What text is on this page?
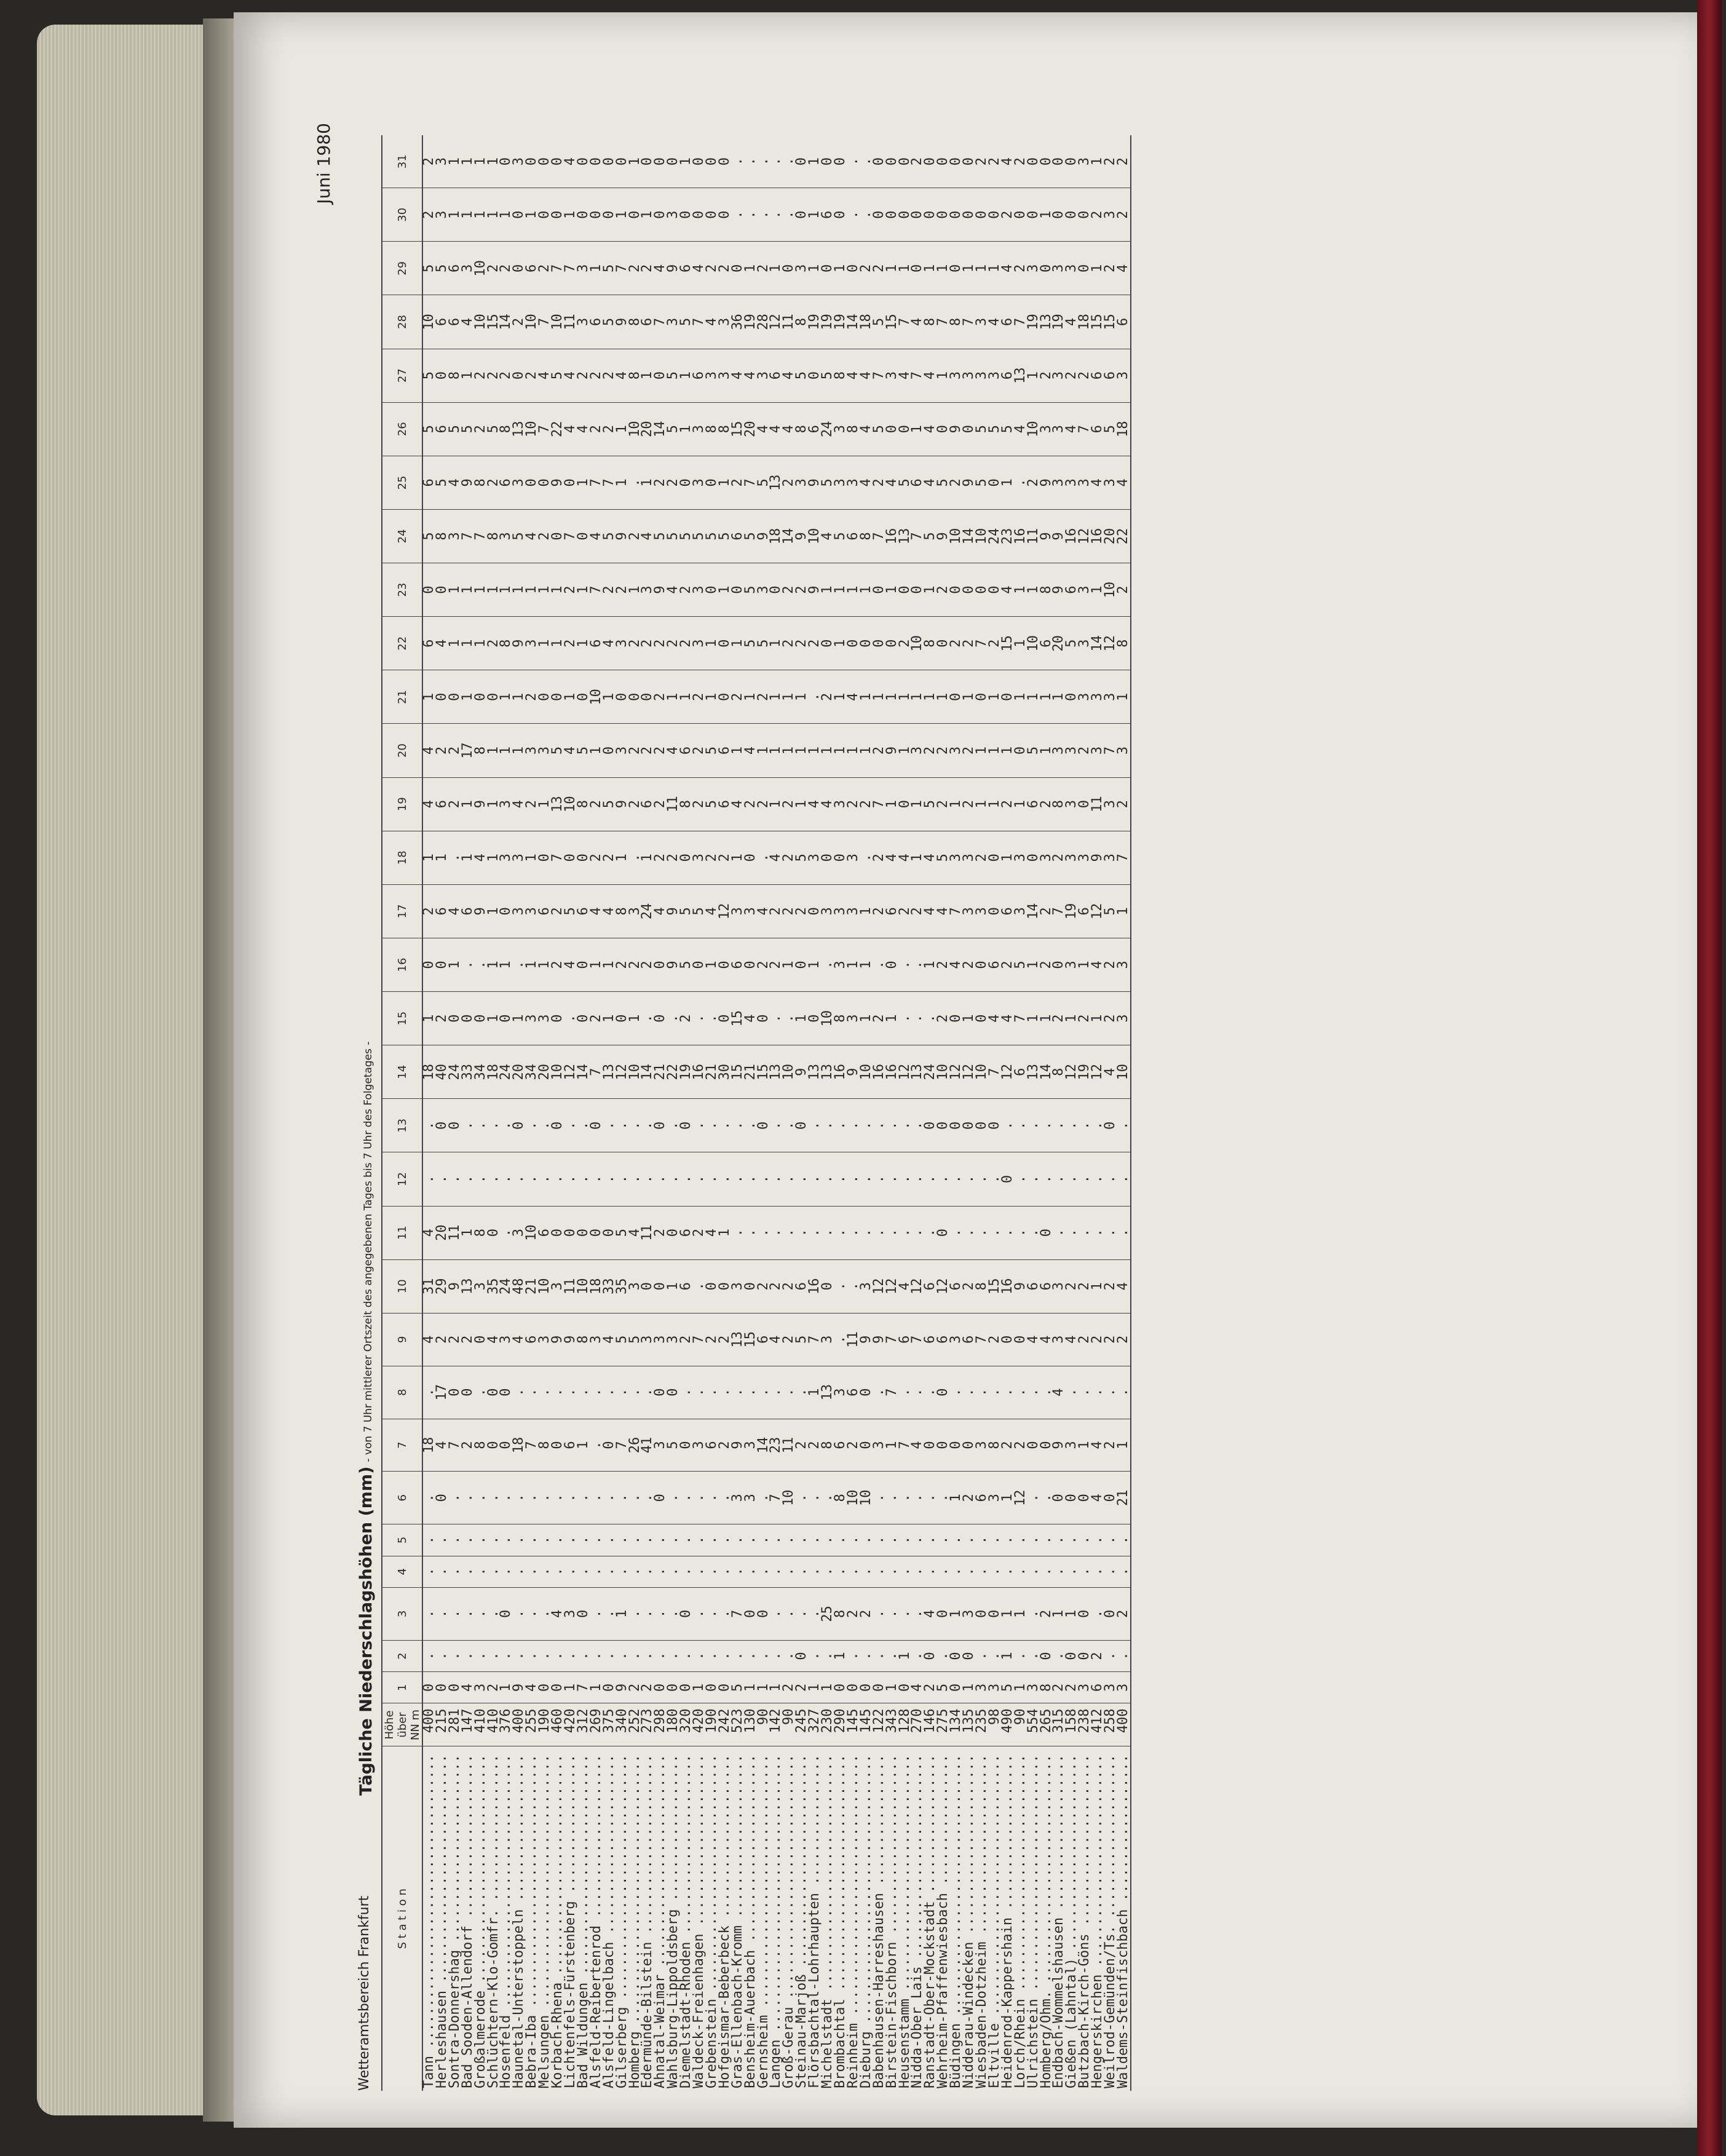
Wetteramtsbereich Frankfurt
Tägliche Niederschlagshöhen (mm) - von 7 Uhr mittlerer Ortszeit des angegebenen Tages bis 7 Uhr des Folgetages -
Juni 1980
S t a t i o n	Höhe über NN m	1	2	3	4	5	6	7	8	9	10	11	12	13	14	15	16	17	18	19	20	21	22	23	24	25	26	27	28	29	30	31
Tann ....................................	400	0	.	.	.	.	.	18	.	4	31	4	.	.	18	1	0	2	1	4	4	1	6	0	5	6	5	5	10	5	2	2
Herleshausen ............................	215	0	.	.	.	.	0	4	17	2	29	20	.	0	40	2	0	6	1	6	2	0	4	0	8	5	6	0	6	5	3	3
Sontra-Donnershag .......................	281	0	.	.	.	.	.	7	0	2	9	11	.	0	24	0	1	4	.	2	2	0	1	1	3	4	5	8	6	6	1	1
Bad Sooden-Allendorf ....................	147	4	.	.	.	.	.	2	0	2	13	1	.	.	33	0	.	6	1	1	17	1	1	1	7	9	5	1	4	3	1	1
Großalmerode ............................	410	3	.	.	.	.	.	8	.	0	3	8	.	.	34	0	.	9	4	9	8	0	1	1	7	8	2	2	10	10	1	1
Schlüchtern-Klo-Gomfr. ..................	410	2	.	.	.	.	.	0	0	4	35	0	.	.	18	1	1	1	1	1	1	0	2	1	8	2	5	2	15	2	1	1
Hosenfeld ...............................	376	1	.	0	.	.	.	0	0	3	24	.	.	.	24	0	1	0	3	3	1	1	8	1	3	6	8	2	14	2	1	0
Haunetal-Unterstoppeln ..................	400	9	.	.	.	.	.	18	.	4	48	3	.	0	20	1	.	3	3	4	1	1	9	1	5	3	13	0	2	0	0	3
Bebra-Iba ...............................	255	4	.	.	.	.	.	7	.	6	21	10	.	.	34	3	1	3	1	2	3	2	3	1	4	0	10	2	10	6	1	0
Melsungen ...............................	190	0	.	.	.	.	.	8	.	3	10	6	.	.	20	3	1	6	0	1	3	0	1	1	2	0	7	4	7	2	0	0
Korbach-Rhena ...........................	460	0	.	4	.	.	.	0	.	9	3	0	.	0	10	0	2	2	7	13	5	0	1	1	0	9	22	5	10	7	0	0
Lichtenfels-Fürstenberg .................	420	1	.	3	.	.	.	6	.	9	11	0	.	.	12	.	4	5	0	10	4	1	2	2	7	0	4	4	11	7	1	4
Bad Wildungen ...........................	312	7	.	0	.	.	.	1	.	8	10	0	.	.	14	0	0	6	0	8	5	0	1	1	0	1	4	2	3	3	0	0
Alsfeld-Reibertenrod ....................	269	1	.	.	.	.	.	.	.	3	18	0	.	0	7	2	1	4	2	2	1	10	6	7	4	7	2	2	6	1	0	0
Alsfeld-Lingelbach ......................	375	0	.	.	.	.	.	0	.	4	33	0	.	.	13	1	1	4	2	5	0	1	4	2	5	7	2	2	5	5	0	0
Gilserberg ..............................	340	9	.	1	.	.	.	7	.	5	35	5	.	.	12	0	2	8	1	9	3	0	3	2	9	1	1	4	9	7	1	0
Homberg .................................	252	2	.	.	.	.	.	26	.	5	3	4	.	.	10	1	2	3	.	2	2	0	2	1	2	.	10	8	8	2	0	1
Edermünde-Bilstein ......................	273	2	.	.	.	.	.	41	.	3	0	11	.	.	14	.	2	24	1	6	2	0	2	3	4	1	20	1	6	2	1	0
Ahnatal-Weimar ..........................	298	0	.	.	.	.	0	3	0	3	0	2	.	0	21	0	0	4	2	2	2	2	2	9	5	2	14	0	7	4	0	0
Wahlsburg-Lippoldsberg ..................	180	0	.	.	.	.	.	5	0	3	1	0	.	.	22	.	9	9	2	11	4	1	2	4	5	2	5	5	3	9	3	0
Diemelstadt-Rhoden ......................	320	0	.	0	.	.	.	0	.	2	6	6	.	0	19	2	5	5	0	8	6	1	2	2	5	0	1	1	5	6	0	1
Waldeck-Freienhagen .....................	420	1	.	.	.	.	.	3	.	7	.	2	.	.	16	.	0	5	3	2	2	2	3	3	5	3	3	6	7	4	0	0
Grebenstein .............................	190	0	.	.	.	.	.	6	.	2	0	4	.	.	21	.	1	4	2	5	5	1	1	0	5	0	8	3	4	2	0	0
Hofgeismar-Beberbeck ....................	242	0	.	.	.	.	.	2	.	2	0	1	.	.	30	0	0	12	2	6	6	0	0	1	5	1	8	3	3	2	0	0
Gras-Ellenbach-Kromm ....................	523	5	.	7	.	.	3	9	.	13	3	.	.	.	15	15	6	3	1	4	1	2	1	0	6	2	15	4	36	0	.	.
Bensheim-Auerbach .......................	130	1	.	0	.	.	3	3	.	15	0	.	.	.	21	4	0	3	0	2	4	1	5	5	5	7	20	4	19	1	.	.
Gernsheim ...............................	90	1	.	0	.	.	.	14	.	6	2	.	.	0	15	0	2	4	.	2	1	2	5	3	9	5	4	3	28	2	.	.
Langen ..................................	142	1	.	.	.	.	7	23	.	4	2	.	.	.	13	.	2	2	4	1	1	1	1	0	18	13	4	6	12	1	.	.
Groß-Gerau ..............................	90	2	.	.	.	.	10	11	.	2	2	.	.	.	10	.	1	2	2	2	1	1	2	2	14	2	4	4	11	0	.	.
Steinau-Marjoß ..........................	245	2	0	.	.	.	.	2	.	5	6	.	.	0	9	1	0	2	5	1	1	1	2	2	9	3	8	5	8	3	0	0
Flörsbachtal-Lohrhaupten ................	327	1	.	.	.	.	.	2	1	7	16	.	.	.	13	0	1	0	3	4	1	.	2	9	10	9	6	0	19	1	1	1
Michelstadt .............................	230	1	.	25	.	.	.	8	13	3	0	.	.	.	13	10	.	3	0	4	1	2	0	1	4	5	24	5	19	0	6	0
Brombachtal .............................	290	0	1	8	.	.	8	6	3	.	.	.	.	.	16	8	3	3	0	3	1	1	1	1	5	3	3	8	19	1	0	0
Reinheim ................................	145	0	.	2	.	.	10	2	6	11	.	.	.	.	9	3	1	3	3	2	1	4	0	1	6	3	8	4	14	0	.	.
Dieburg .................................	145	0	.	2	.	.	10	0	0	9	3	.	.	.	10	1	1	1	.	2	1	1	0	1	8	4	4	4	18	2	.	.
Babenhausen-Harreshausen ................	122	0	.	.	.	.	.	3	.	9	12	.	.	.	16	2	.	2	2	7	2	1	0	0	7	2	5	7	5	2	0	0
Birstein-Fischborn ......................	343	1	.	.	.	.	.	1	7	7	12	.	.	.	16	1	0	6	4	1	9	1	0	1	16	4	0	3	15	1	0	0
Heusenstamm .............................	128	0	1	.	.	.	.	7	.	6	4	.	.	.	12	.	.	2	4	0	1	1	2	0	13	5	0	4	7	1	0	0
Nidda-Ober Lais .........................	270	4	.	.	.	.	.	4	.	7	12	.	.	.	13	.	.	2	1	1	3	1	10	0	7	6	1	7	4	0	0	2
Ranstadt-Ober-Mockstadt .................	146	2	0	4	.	.	.	0	.	6	6	.	.	0	24	.	1	4	4	5	2	1	8	1	5	4	4	4	8	1	0	0
Wehrheim-Pfaffenwiesbach ................	275	5	.	0	.	.	.	0	0	6	12	0	.	0	10	2	2	4	5	2	2	1	0	2	9	5	0	1	7	1	0	0
Büdingen ................................	134	0	0	1	.	.	1	0	.	3	6	.	.	0	12	0	4	7	3	1	3	0	2	0	10	2	9	3	8	0	0	0
Nidderau-Windecken ......................	135	1	0	3	.	.	2	0	.	6	2	.	.	0	12	1	2	3	3	2	2	1	2	0	14	9	0	3	7	1	0	0
Wiesbaden-Dotzheim ......................	235	3	.	0	.	.	6	3	.	7	8	.	.	0	10	0	0	3	2	1	1	0	7	0	10	5	5	3	3	1	0	2
Eltville ................................	98	3	.	0	.	.	3	8	.	2	15	.	.	0	7	4	6	0	0	1	1	1	2	0	24	0	5	3	4	1	0	2
Heidenrod-Kappershain ...................	490	5	1	1	.	.	1	2	.	0	16	.	0	.	12	4	2	6	1	2	1	0	15	4	23	1	5	6	6	4	2	4
Lorch/Rhein .............................	90	1	.	1	.	.	12	2	.	0	9	.	.	.	6	7	5	3	3	1	0	1	1	1	16	.	4	13	7	2	0	2
Ulrichstein .............................	554	3	.	.	.	.	.	0	.	4	6	.	.	.	13	1	1	14	0	6	5	1	10	1	11	2	10	1	19	3	0	0
Homberg/Ohm. ............................	265	8	0	2	.	.	.	0	.	4	6	0	.	.	14	1	2	2	3	2	1	1	6	8	9	9	3	2	13	0	1	0
Endbach-Wommelshausen ...................	315	2	.	1	.	.	0	9	4	3	3	.	.	.	8	2	0	7	2	8	3	1	20	9	9	3	3	3	19	3	0	0
Gießen (Lahntal) ........................	158	2	0	1	.	.	0	3	.	4	2	.	.	.	12	1	3	19	3	3	3	0	5	6	16	3	4	2	4	3	0	0
Butzbach-Kirch-Göns .....................	238	3	0	0	.	.	0	1	.	2	2	.	.	.	19	2	1	6	3	0	2	3	3	3	12	3	7	2	18	0	0	3
Hengerskirchen ..........................	412	6	2	.	.	.	4	4	.	2	1	.	.	.	12	1	4	12	9	11	3	3	14	1	16	4	6	6	15	1	2	1
Weilrod-Gemünden/Ts. ....................	258	3	.	0	.	.	0	2	.	2	2	.	.	0	4	2	2	5	3	3	7	3	12	10	20	3	5	6	15	2	3	2
Waldems-Steinfischbach ..................	400	3	.	2	.	.	21	1	.	2	4	.	.	.	10	3	3	1	7	2	3	1	8	2	22	4	18	3	6	4	2	2
